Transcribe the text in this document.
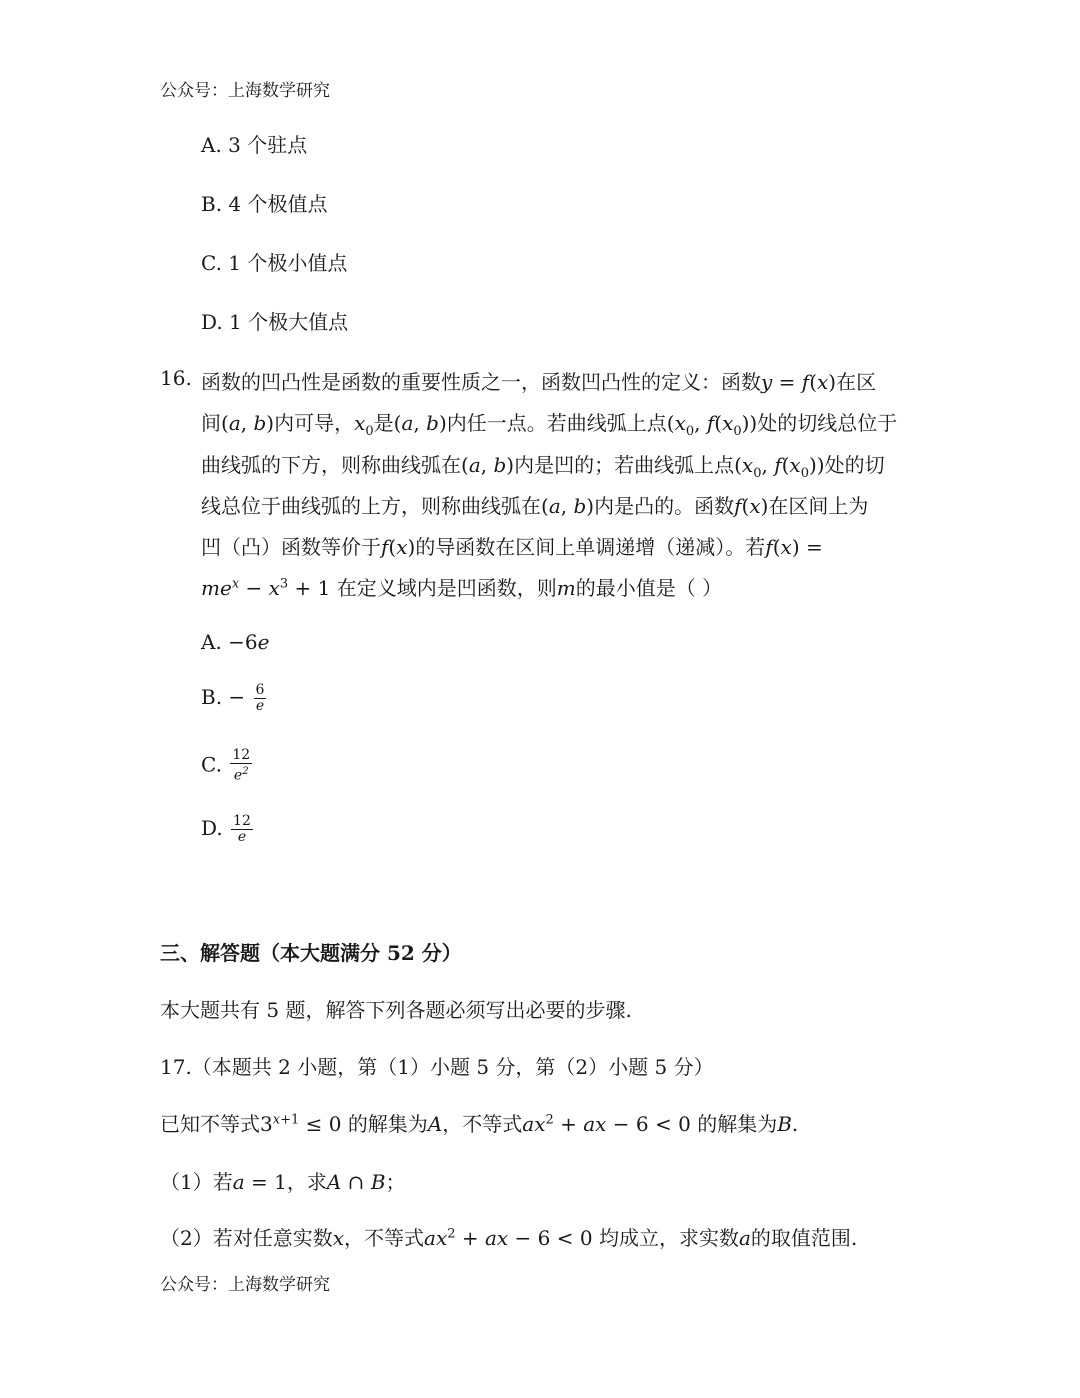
公众号：上海数学研究
A. 3 个驻点
B. 4 个极值点
C. 1 个极小值点
D. 1 个极大值点
16. 函数的凹凸性是函数的重要性质之一，函数凹凸性的定义：函数y = f(x)在区
间(a, b)内可导，$x_0$是(a, b)内任一点。若曲线弧上点($x_0$, $f(x_0)$)处的切线总位于
曲线弧的下方，则称曲线弧在(a, b)内是凹的；若曲线弧上点($x_0$, $f(x_0)$)处的切
线总位于曲线弧的上方，则称曲线弧在(a, b)内是凸的。函数f(x)在区间上为
凹（凸）函数等价于f(x)的导函数在区间上单调递增（递减）。若f(x) =
$me^x - x^3 + 1$ 在定义域内是凹函数，则m的最小值是（ ）
A. −6e
B. − $\frac{6}{e}$
C. $\frac{12}{e^2}$
D. $\frac{12}{e}$
三、解答题（本大题满分 52 分）
本大题共有 5 题，解答下列各题必须写出必要的步骤.
17.（本题共 2 小题，第（1）小题 5 分，第（2）小题 5 分）
已知不等式$3^{x+1} \le 0$ 的解集为A，不等式$ax^2$ + ax − 6 < 0 的解集为B.
（1）若a = 1，求A ∩ B；
（2）若对任意实数x，不等式$ax^2$ + ax − 6 < 0 均成立，求实数a的取值范围.
公众号：上海数学研究
